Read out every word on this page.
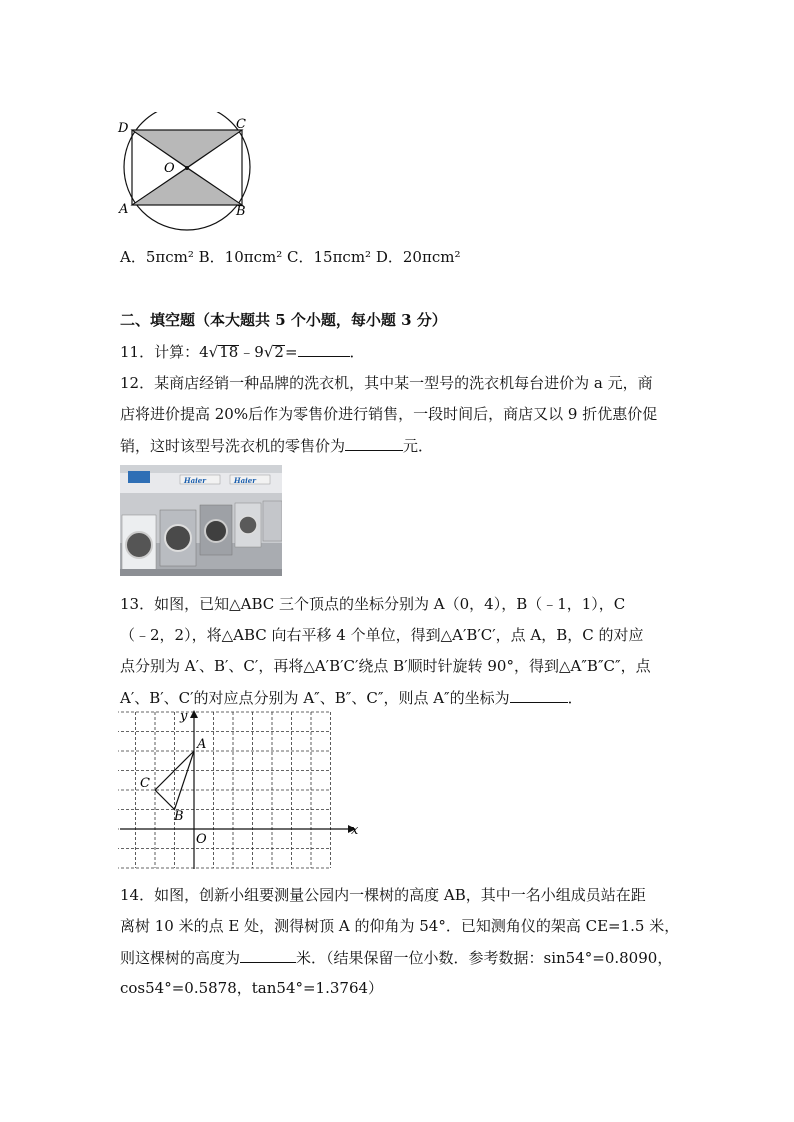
D	C
O
A	B
A．5πcm² B．10πcm² C．15πcm² D．20πcm²
二、填空题（本大题共 5 个小题，每小题 3 分）
11．计算：4√18﹣9√2=	．
12．某商店经销一种品牌的洗衣机，其中某一型号的洗衣机每台进价为 a 元，商
店将进价提高 20%后作为零售价进行销售，一段时间后，商店又以 9 折优惠价促
销，这时该型号洗衣机的零售价为	元．
Haier	Haier
13．如图，已知△ABC 三个顶点的坐标分别为 A（0，4），B（﹣1，1），C
（﹣2，2），将△ABC 向右平移 4 个单位，得到△A′B′C′，点 A，B，C 的对应
点分别为 A′、B′、C′，再将△A′B′C′绕点 B′顺时针旋转 90°，得到△A″B″C″，点
A′、B′、C′的对应点分别为 A″、B″、C″，则点 A″的坐标为	．
y
x
O
A
B
C
14．如图，创新小组要测量公园内一棵树的高度 AB，其中一名小组成员站在距
离树 10 米的点 E 处，测得树顶 A 的仰角为 54°．已知测角仪的架高 CE=1.5 米，
则这棵树的高度为	米．（结果保留一位小数．参考数据：sin54°=0.8090，
cos54°=0.5878，tan54°=1.3764）
